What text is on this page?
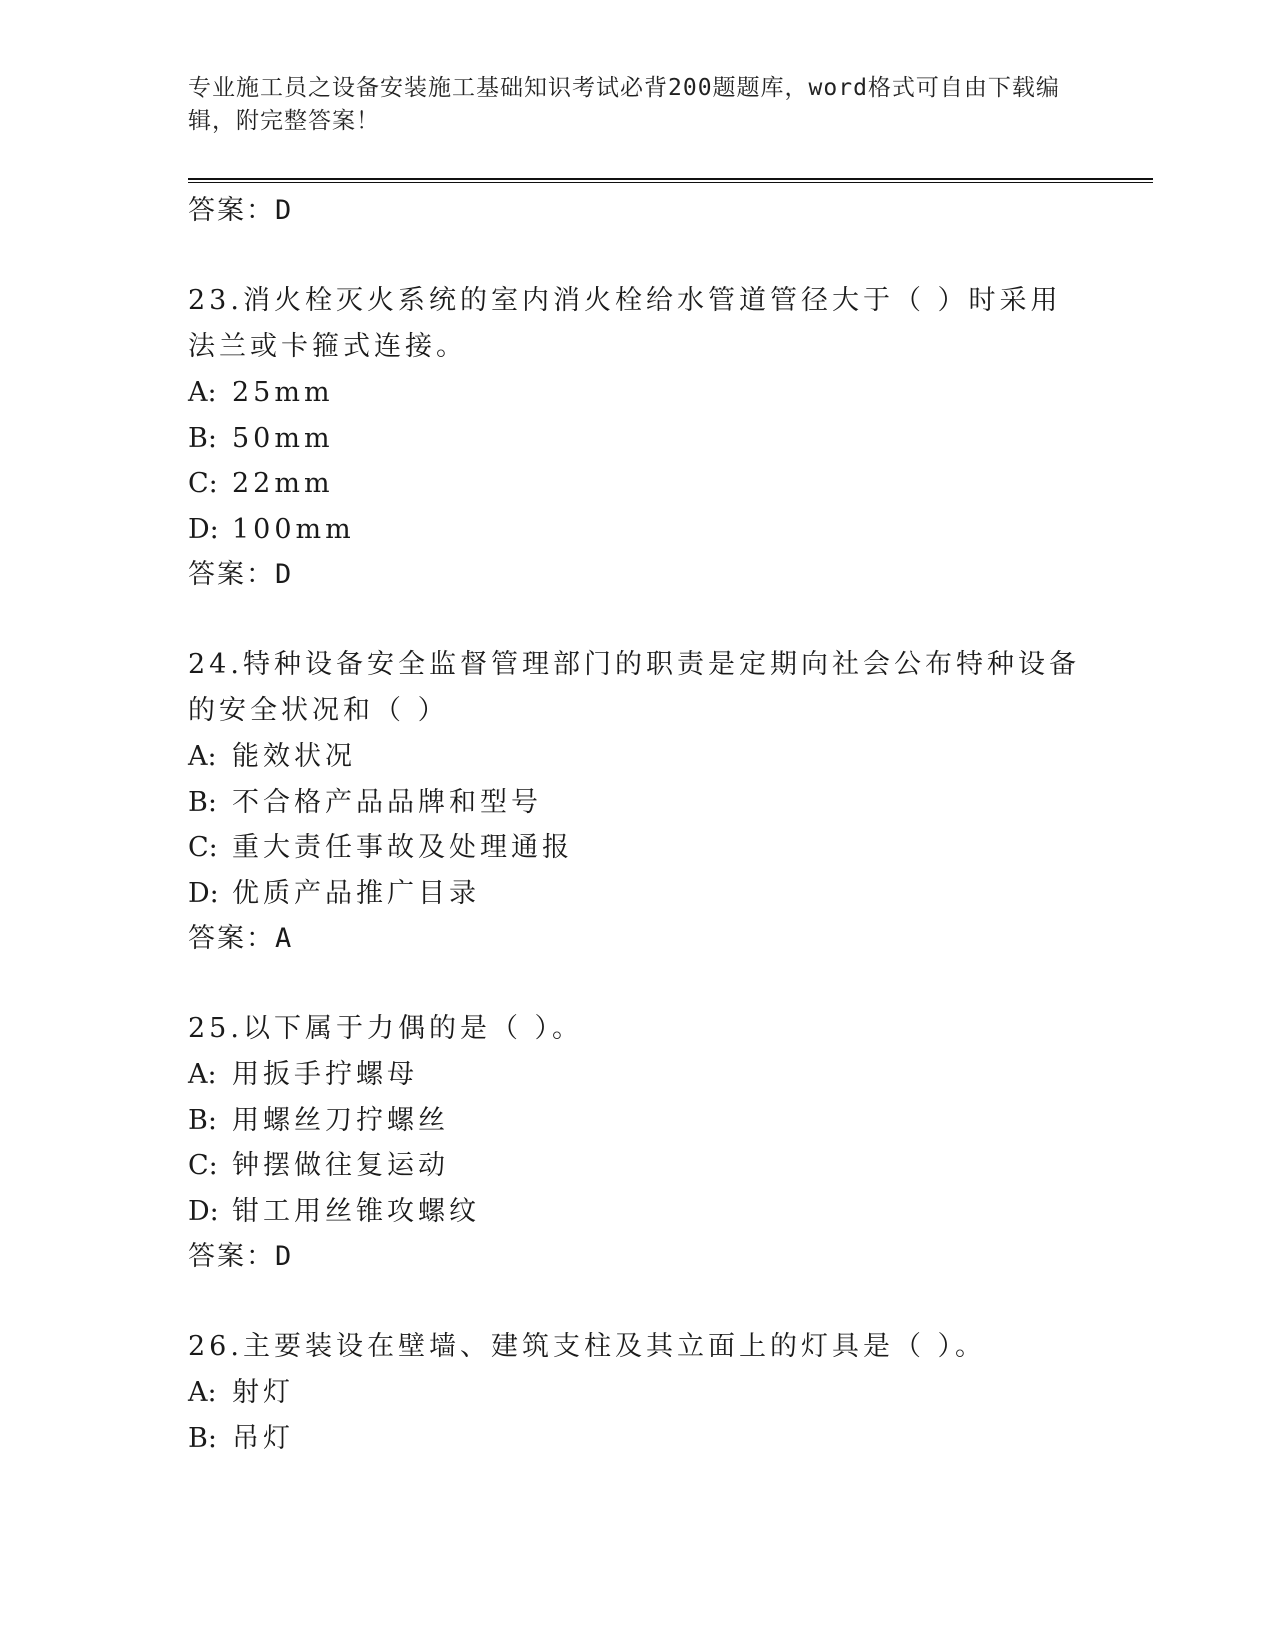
专业施工员之设备安装施工基础知识考试必背200题题库，word格式可自由下载编辑，附完整答案！
答案：D
23.消火栓灭火系统的室内消火栓给水管道管径大于（ ）时采用法兰或卡箍式连接。
A: 25mm
B: 50mm
C: 22mm
D: 100mm
答案：D
24.特种设备安全监督管理部门的职责是定期向社会公布特种设备的安全状况和（ ）
A: 能效状况
B: 不合格产品品牌和型号
C: 重大责任事故及处理通报
D: 优质产品推广目录
答案：A
25.以下属于力偶的是（ ）。
A: 用扳手拧螺母
B: 用螺丝刀拧螺丝
C: 钟摆做往复运动
D: 钳工用丝锥攻螺纹
答案：D
26.主要装设在壁墙、建筑支柱及其立面上的灯具是（ ）。
A: 射灯
B: 吊灯
